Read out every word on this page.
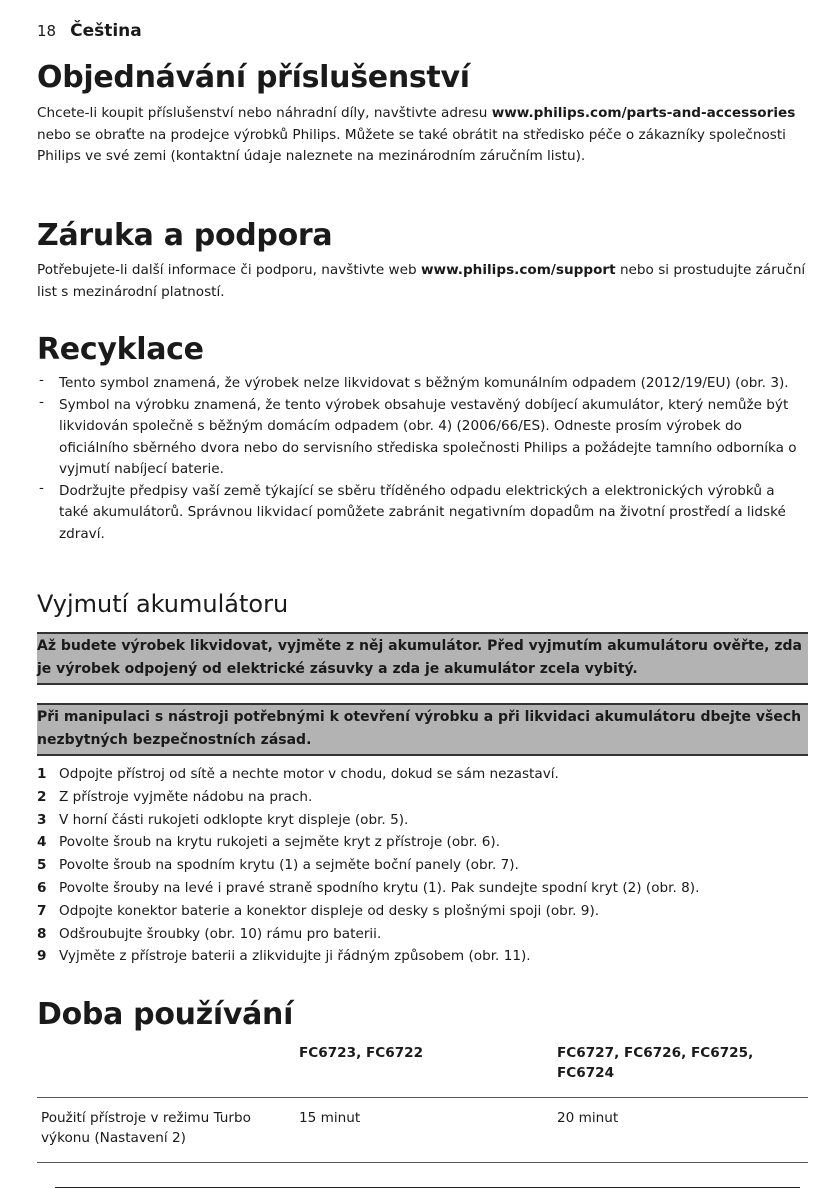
18 Čeština
Objednávání příslušenství
Chcete-li koupit příslušenství nebo náhradní díly, navštivte adresu www.philips.com/parts-and-accessories nebo se obraťte na prodejce výrobků Philips. Můžete se také obrátit na středisko péče o zákazníky společnosti Philips ve své zemi (kontaktní údaje naleznete na mezinárodním záručním listu).
Záruka a podpora
Potřebujete-li další informace či podporu, navštivte web www.philips.com/support nebo si prostudujte záruční list s mezinárodní platností.
Recyklace
- Tento symbol znamená, že výrobek nelze likvidovat s běžným komunálním odpadem (2012/19/EU) (obr. 3).
- Symbol na výrobku znamená, že tento výrobek obsahuje vestavěný dobíjecí akumulátor, který nemůže být likvidován společně s běžným domácím odpadem (obr. 4) (2006/66/ES). Odneste prosím výrobek do oficiálního sběrného dvora nebo do servisního střediska společnosti Philips a požádejte tamního odborníka o vyjmutí nabíjecí baterie.
- Dodržujte předpisy vaší země týkající se sběru tříděného odpadu elektrických a elektronických výrobků a také akumulátorů. Správnou likvidací pomůžete zabránit negativním dopadům na životní prostředí a lidské zdraví.
Vyjmutí akumulátoru
Až budete výrobek likvidovat, vyjměte z něj akumulátor. Před vyjmutím akumulátoru ověřte, zda je výrobek odpojený od elektrické zásuvky a zda je akumulátor zcela vybitý.
Při manipulaci s nástroji potřebnými k otevření výrobku a při likvidaci akumulátoru dbejte všech nezbytných bezpečnostních zásad.
1 Odpojte přístroj od sítě a nechte motor v chodu, dokud se sám nezastaví.
2 Z přístroje vyjměte nádobu na prach.
3 V horní části rukojeti odklopte kryt displeje (obr. 5).
4 Povolte šroub na krytu rukojeti a sejměte kryt z přístroje (obr. 6).
5 Povolte šroub na spodním krytu (1) a sejměte boční panely (obr. 7).
6 Povolte šrouby na levé i pravé straně spodního krytu (1). Pak sundejte spodní kryt (2) (obr. 8).
7 Odpojte konektor baterie a konektor displeje od desky s plošnými spoji (obr. 9).
8 Odšroubujte šroubky (obr. 10) rámu pro baterii.
9 Vyjměte z přístroje baterii a zlikvidujte ji řádným způsobem (obr. 11).
Doba používání
	FC6723, FC6722	FC6727, FC6726, FC6725, FC6724
Použití přístroje v režimu Turbo výkonu (Nastavení 2)	15 minut	20 minut
